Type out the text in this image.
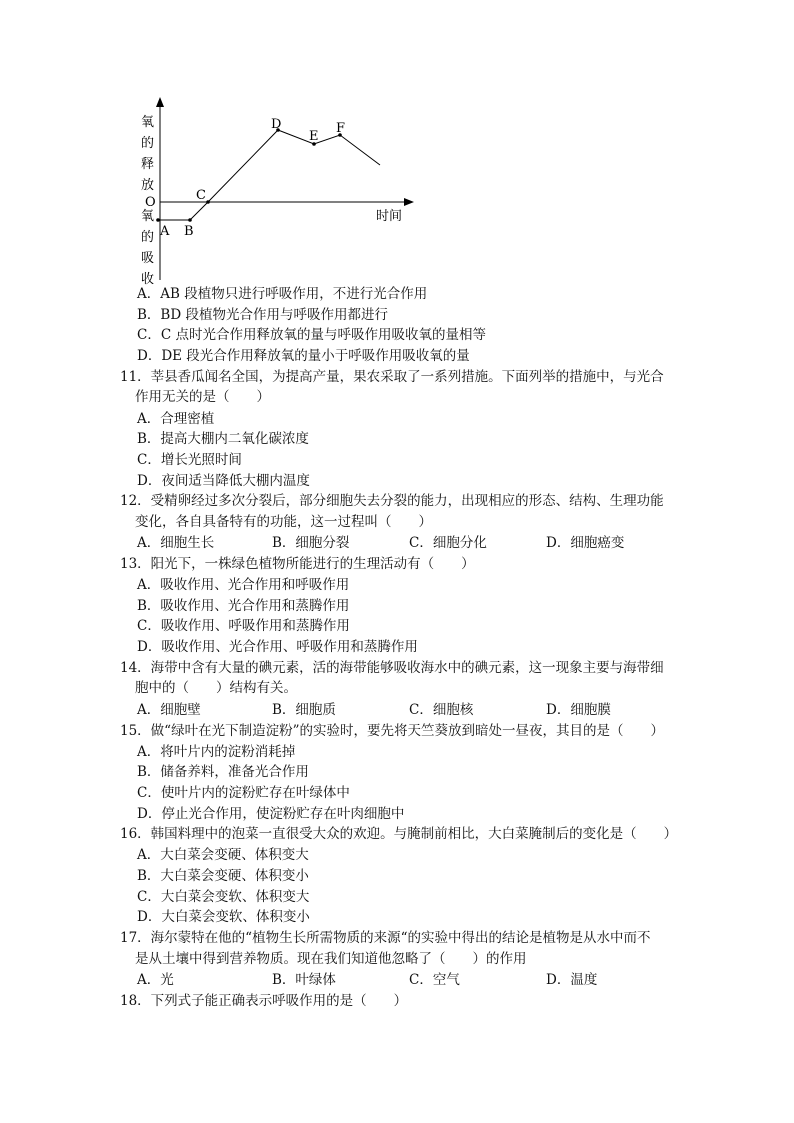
氧
的
释
放
O
氧
的
吸
收
A B
C
D
E
F
时间
A．AB 段植物只进行呼吸作用，不进行光合作用
B．BD 段植物光合作用与呼吸作用都进行
C．C 点时光合作用释放氧的量与呼吸作用吸收氧的量相等
D．DE 段光合作用释放氧的量小于呼吸作用吸收氧的量
11．莘县香瓜闻名全国，为提高产量，果农采取了一系列措施。下面列举的措施中，与光合
作用无关的是（　　）
A．合理密植
B．提高大棚内二氧化碳浓度
C．增长光照时间
D．夜间适当降低大棚内温度
12．受精卵经过多次分裂后，部分细胞失去分裂的能力，出现相应的形态、结构、生理功能
变化，各自具备特有的功能，这一过程叫（　　）
A．细胞生长	B．细胞分裂	C．细胞分化	D．细胞癌变
13．阳光下，一株绿色植物所能进行的生理活动有（　　）
A．吸收作用、光合作用和呼吸作用
B．吸收作用、光合作用和蒸腾作用
C．吸收作用、呼吸作用和蒸腾作用
D．吸收作用、光合作用、呼吸作用和蒸腾作用
14．海带中含有大量的碘元素，活的海带能够吸收海水中的碘元素，这一现象主要与海带细
胞中的（　　）结构有关。
A．细胞壁	B．细胞质	C．细胞核	D．细胞膜
15．做“绿叶在光下制造淀粉”的实验时，要先将天竺葵放到暗处一昼夜，其目的是（　　）
A．将叶片内的淀粉消耗掉
B．储备养料，准备光合作用
C．使叶片内的淀粉贮存在叶绿体中
D．停止光合作用，使淀粉贮存在叶肉细胞中
16．韩国料理中的泡菜一直很受大众的欢迎。与腌制前相比，大白菜腌制后的变化是（　　）
A．大白菜会变硬、体积变大
B．大白菜会变硬、体积变小
C．大白菜会变软、体积变大
D．大白菜会变软、体积变小
17．海尔蒙特在他的“植物生长所需物质的来源“的实验中得出的结论是植物是从水中而不
是从土壤中得到营养物质。现在我们知道他忽略了（　　）的作用
A．光	B．叶绿体	C．空气	D．温度
18．下列式子能正确表示呼吸作用的是（　　）
